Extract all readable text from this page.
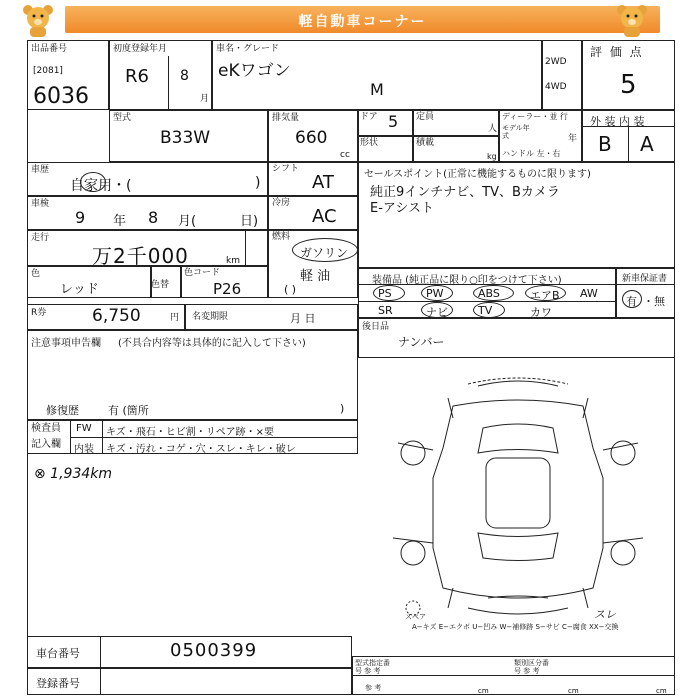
軽自動車コーナー
出品番号
[2081]
6036
初度登録年月
R6 8
月
車名・グレード
eKワゴン
M
2WD
4WD
評 価 点
5
型式
B33W
排気量
660
cc
ドア 5 定員
人
形状	積載
kg
ディーラー・並 行
モデル年式	年
ハンドル 左・右
外 装 内 装
B A
車歴
自家用・(	)
シフト
AT
車検
9 年 8 月(	日)
冷房
AC
走行
万2千000	km
燃料
ガソリン
軽 油
( )
色
レッド	色替
色コード
P26
R券	6,750	円 名変期限	月 日
注意事項申告欄 (不具合内容等は具体的に記入して下さい)
修復歴	有 (箇所	)
検査員
記入欄
FW キズ・飛石・ヒビ割・リペア跡・×要
内装 キズ・汚れ・コゲ・穴・スレ・キレ・破レ
⊗ 1,934km
セールスポイント(正常に機能するものに限ります)
純正9インチナビ、TV、Bカメラ
E-アシスト
装備品 (純正品に限り○印をつけて下さい)
PS	PW	ABS	エアB AW
SR	ナビ	TV	カワ
新車保証書
有 ・無
後日品
ナンバー
スペア	スレ
A−キズ E−エクボ U−凹み W−補修跡 S−サビ C−腐食 XX−交換
車台番号	0500399
登録番号
型式指定番号 参 考
類別区分番号 参 考
参 考	cm	cm	cm
